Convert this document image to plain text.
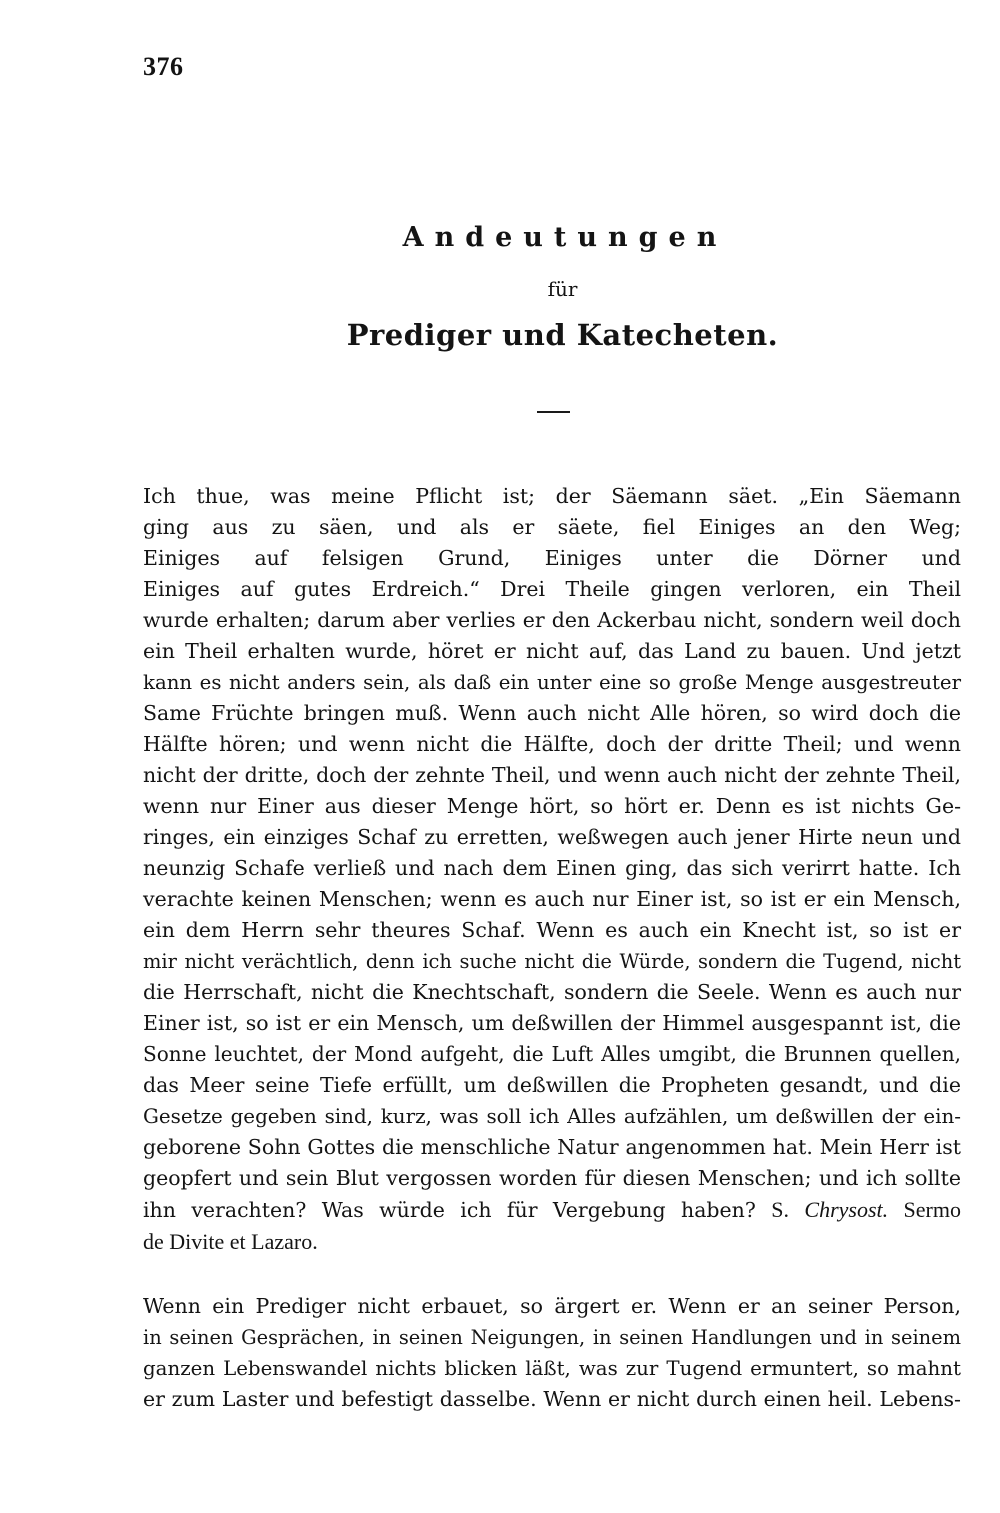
376
Andeutungen
für
Prediger und Katecheten.
Ich thue, was meine Pflicht ist; der Säemann säet. „Ein Säemann
ging aus zu säen, und als er säete, fiel Einiges an den Weg;
Einiges auf felsigen Grund, Einiges unter die Dörner und
Einiges auf gutes Erdreich.“ Drei Theile gingen verloren, ein Theil
wurde erhalten; darum aber verlies er den Ackerbau nicht, sondern weil doch
ein Theil erhalten wurde, höret er nicht auf, das Land zu bauen. Und jetzt
kann es nicht anders sein, als daß ein unter eine so große Menge ausgestreuter
Same Früchte bringen muß. Wenn auch nicht Alle hören, so wird doch die
Hälfte hören; und wenn nicht die Hälfte, doch der dritte Theil; und wenn
nicht der dritte, doch der zehnte Theil, und wenn auch nicht der zehnte Theil,
wenn nur Einer aus dieser Menge hört, so hört er. Denn es ist nichts Ge-
ringes, ein einziges Schaf zu erretten, weßwegen auch jener Hirte neun und
neunzig Schafe verließ und nach dem Einen ging, das sich verirrt hatte. Ich
verachte keinen Menschen; wenn es auch nur Einer ist, so ist er ein Mensch,
ein dem Herrn sehr theures Schaf. Wenn es auch ein Knecht ist, so ist er
mir nicht verächtlich, denn ich suche nicht die Würde, sondern die Tugend, nicht
die Herrschaft, nicht die Knechtschaft, sondern die Seele. Wenn es auch nur
Einer ist, so ist er ein Mensch, um deßwillen der Himmel ausgespannt ist, die
Sonne leuchtet, der Mond aufgeht, die Luft Alles umgibt, die Brunnen quellen,
das Meer seine Tiefe erfüllt, um deßwillen die Propheten gesandt, und die
Gesetze gegeben sind, kurz, was soll ich Alles aufzählen, um deßwillen der ein-
geborene Sohn Gottes die menschliche Natur angenommen hat. Mein Herr ist
geopfert und sein Blut vergossen worden für diesen Menschen; und ich sollte
ihn verachten? Was würde ich für Vergebung haben? S. Chrysost. Sermo
de Divite et Lazaro.
Wenn ein Prediger nicht erbauet, so ärgert er. Wenn er an seiner Person,
in seinen Gesprächen, in seinen Neigungen, in seinen Handlungen und in seinem
ganzen Lebenswandel nichts blicken läßt, was zur Tugend ermuntert, so mahnt
er zum Laster und befestigt dasselbe. Wenn er nicht durch einen heil. Lebens-
